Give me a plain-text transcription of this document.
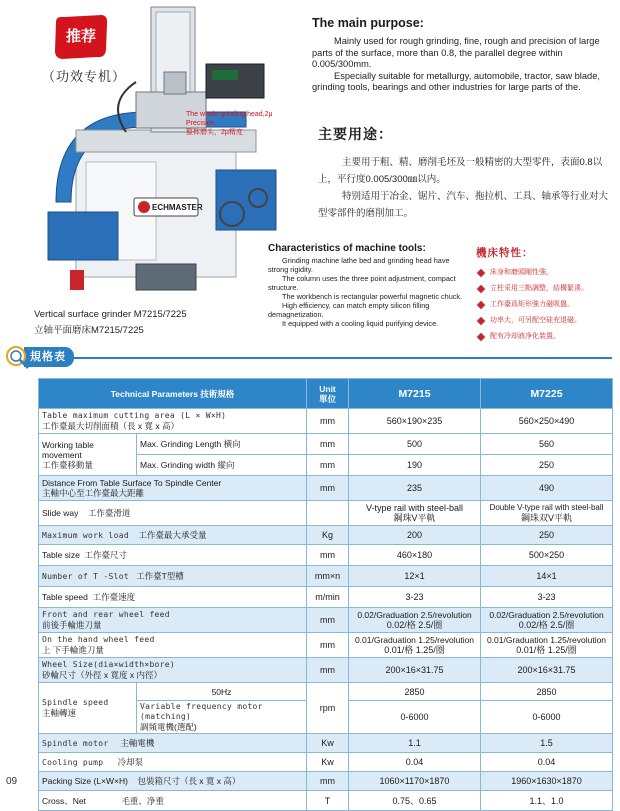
ECHMASTER
推荐
（功效专机）
The whole grinding head,2μ Precision
整体磨头，2μ精度
Vertical surface grinder M7215/7225
立轴平面磨床M7215/7225
The main purpose:

Mainly used for rough grinding, fine, rough and precision of large parts of the surface, more than 0.8, the parallel degree within 0.005/300mm.

Especially suitable for metallurgy, automobile, tractor, saw blade, grinding tools, bearings and other industries for large parts of the.

主要用途：

主要用于粗、精、磨削毛坯及一般精密的大型零件，表面0.8以上，平行度0.005/300㎜以内。

特别适用于冶金、锯片、汽车、拖拉机、工具、轴承等行业对大型零部件的磨削加工。

Characteristics of machine tools:

Grinding machine lathe bed and grinding head have strong rigidity.

The column uses the three point adjustment, compact structure.

The workbench is rectangular powerful magnetic chuck.

High efficiency, can match empty silicon filling demagnetization.

It equipped with a cooling liquid purifying device.

機床特性：
床身和磨頭剛性強。
立柱采用三點調整，結構緊湊。
工作臺爲矩形強力磁吸盤。
功率大，可另配空硅充退磁。
配有冷却液净化裝置。
規格表
Technical Parameters 技術規格		Unit
單位	M7215	M7225

Table maximum cutting area (L × W×H)
工作臺最大切削面積（長 x 寬 x 高）		mm	560×190×235	560×250×490

Working table movement
工作臺移動量	Max. Grinding Length 横向	mm	500	560
	Max. Grinding width 縱向	mm	190	250

Distance From Table Surface To Spindle Center
主軸中心至工作臺最大距離		mm	235	490
Slide way 工作臺滑道			V-type rail with steel-ball
鋼珠V平軌	Double V-type rail with steel-ball
鋼珠双V平軌

Maximum work load 工作臺最大承受量		Kg	200	250
Table size 工作臺尺寸		mm	460×180	500×250
Number of T -Slot 工作臺T型槽		mm×n	12×1	14×1
Table speed 工作臺速度		m/min	3-23	3-23

Front and rear wheel feed
前後手輪進刀量		mm	0.02/Graduation 2.5/revolution
0.02/格 2.5/圈	0.02/Graduation 2.5/revolution
0.02/格 2.5/圈

On the hand wheel feed
上 下手輪進刀量		mm	0.01/Graduation 1.25/revolution
0.01/格 1.25/圈	0.01/Graduation 1.25/revolution
0.01/格 1.25/圈

Wheel Size(dia×width×bore)
砂輪尺寸（外徑 x 寬度 x 内徑）		mm	200×16×31.75	200×16×31.75

Spindle speed
主軸轉速	50Hz	rpm	2850	2850

	Variable frequency motor (matching)
調頻電機(選配)		0-6000	0-6000
Spindle motor 主軸電機		Kw	1.1	1.5
Cooling pump 冷却泵		Kw	0.04	0.04
Packing Size (L×W×H) 包裝箱尺寸（長 x 寬 x 高）		mm	1060×1170×1870	1960×1630×1870
Cross、Net 毛重、净重		T	0.75、0.65	1.1、1.0
09
